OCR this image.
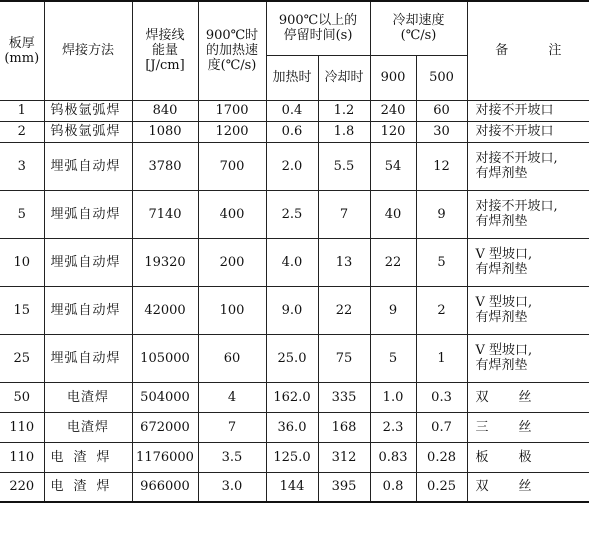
板厚
(mm)	焊接方法	焊接线
能量
[J/cm]	900℃时
的加热速
度(℃/s)	900℃以上的
停留时间(s)		冷却速度
(℃/s)		备 注
				加热时	冷却时	900	500	
1	钨极氩弧焊	840	1700	0.4	1.2	240	60	对接不开坡口
2	钨极氩弧焊	1080	1200	0.6	1.8	120	30	对接不开坡口
3	埋弧自动焊	3780	700	2.0	5.5	54	12	对接不开坡口,
有焊剂垫
5	埋弧自动焊	7140	400	2.5	7	40	9	对接不开坡口,
有焊剂垫
10	埋弧自动焊	19320	200	4.0	13	22	5	V 型坡口,
有焊剂垫
15	埋弧自动焊	42000	100	9.0	22	9	2	V 型坡口,
有焊剂垫
25	埋弧自动焊	105000	60	25.0	75	5	1	V 型坡口,
有焊剂垫
50	电渣焊	504000	4	162.0	335	1.0	0.3	双丝
110	电渣焊	672000	7	36.0	168	2.3	0.7	三丝
110	电渣焊	1176000	3.5	125.0	312	0.83	0.28	板极
220	电渣焊	966000	3.0	144	395	0.8	0.25	双丝
